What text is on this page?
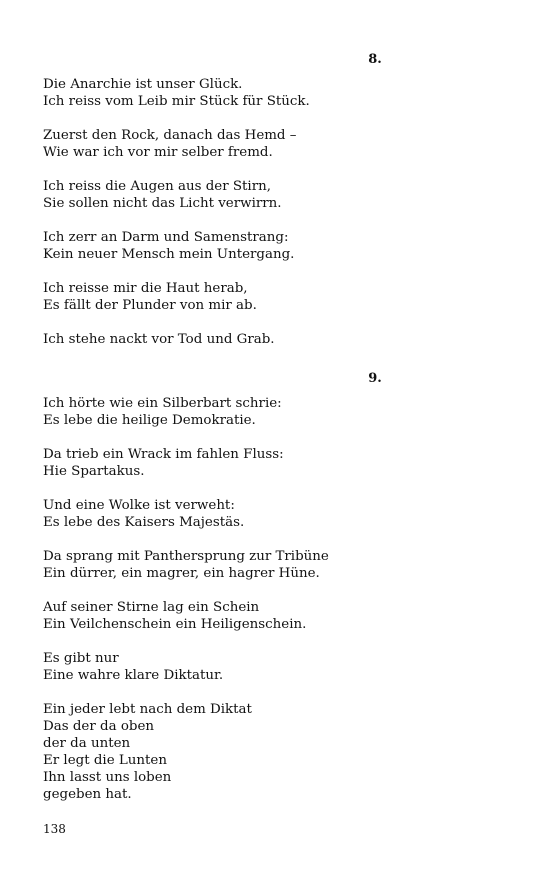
8.
Die Anarchie ist unser Glück.
Ich reiss vom Leib mir Stück für Stück.
Zuerst den Rock, danach das Hemd –
Wie war ich vor mir selber fremd.
Ich reiss die Augen aus der Stirn,
Sie sollen nicht das Licht verwirrn.
Ich zerr an Darm und Samenstrang:
Kein neuer Mensch mein Untergang.
Ich reisse mir die Haut herab,
Es fällt der Plunder von mir ab.
Ich stehe nackt vor Tod und Grab.
9.
Ich hörte wie ein Silberbart schrie:
Es lebe die heilige Demokratie.
Da trieb ein Wrack im fahlen Fluss:
Hie Spartakus.
Und eine Wolke ist verweht:
Es lebe des Kaisers Majestäs.
Da sprang mit Panthersprung zur Tribüne
Ein dürrer, ein magrer, ein hagrer Hüne.
Auf seiner Stirne lag ein Schein
Ein Veilchenschein ein Heiligenschein.
Es gibt nur
Eine wahre klare Diktatur.
Ein jeder lebt nach dem Diktat
Das der da oben
der da unten
Er legt die Lunten
Ihn lasst uns loben
gegeben hat.
138
